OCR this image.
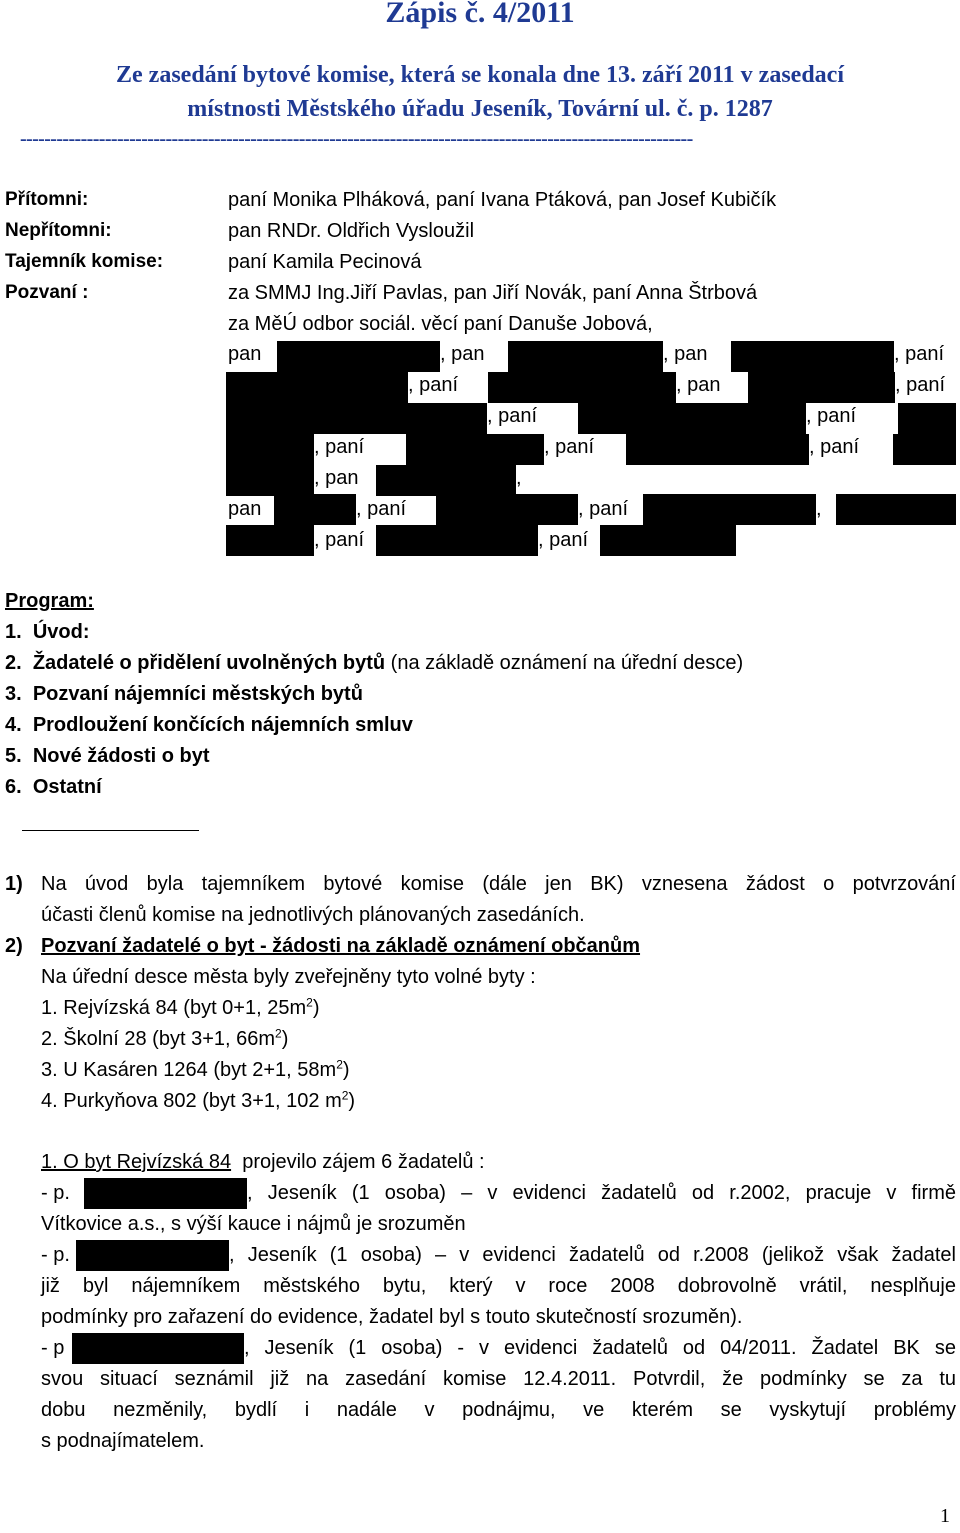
Zápis č. 4/2011
Ze zasedání bytové komise, která se konala dne 13. září 2011 v zasedací
místnosti Městského úřadu Jeseník, Tovární ul. č. p. 1287
---------------------------------------------------------------------------------------------------------------
Přítomni:	paní Monika Plháková, paní Ivana Ptáková, pan Josef Kubičík
Nepřítomni:	pan RNDr. Oldřich Vysloužil
Tajemník komise:	paní Kamila Pecinová
Pozvaní :	za SMMJ Ing.Jiří Pavlas, pan Jiří Novák, paní Anna Štrbová
za MěÚ odbor sociál. věcí paní Danuše Jobová,
pan	, pan	, pan	, paní
, paní	, pan	, paní
, paní	, paní
, paní	, paní	, paní
, pan	,
pan	, paní	, paní	,
, paní	, paní
Program:
1. Úvod:
2. Žadatelé o přidělení uvolněných bytů (na základě oznámení na úřední desce)
3. Pozvaní nájemníci městských bytů
4. Prodloužení končících nájemních smluv
5. Nové žádosti o byt
6. Ostatní
1) Na úvod byla tajemníkem bytové komise (dále jen BK) vznesena žádost o potvrzování
účasti členů komise na jednotlivých plánovaných zasedáních.
2) Pozvaní žadatelé o byt - žádosti na základě oznámení občanům
Na úřední desce města byly zveřejněny tyto volné byty :
1. Rejvízská 84 (byt 0+1, $25m^2$)
2. Školní 28 (byt 3+1, $66m^2$)
3. U Kasáren 1264 (byt 2+1, $58m^2$)
4. Purkyňova 802 (byt 3+1, 102 $m^2$)
1. O byt Rejvízská 84 projevilo zájem 6 žadatelů :
- p.	, Jeseník (1 osoba) – v evidenci žadatelů od r.2002, pracuje v firmě
Vítkovice a.s., s výší kauce i nájmů je srozuměn
- p.	, Jeseník (1 osoba) – v evidenci žadatelů od r.2008 (jelikož však žadatel
již byl nájemníkem městského bytu, který v roce 2008 dobrovolně vrátil, nesplňuje
podmínky pro zařazení do evidence, žadatel byl s touto skutečností srozuměn).
- p	, Jeseník (1 osoba) - v evidenci žadatelů od 04/2011. Žadatel BK se
svou situací seznámil již na zasedání komise 12.4.2011. Potvrdil, že podmínky se za tu
dobu nezměnily, bydlí i nadále v podnájmu, ve kterém se vyskytují problémy
s podnajímatelem.
1
